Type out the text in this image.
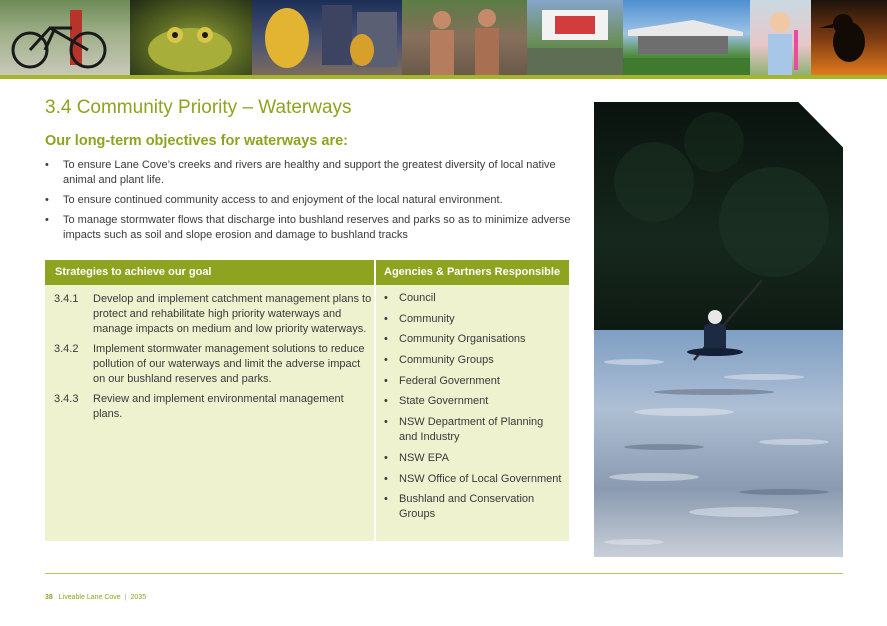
3.4 Community Priority – Waterways
Our long-term objectives for waterways are:
• To ensure Lane Cove’s creeks and rivers are healthy and support the greatest diversity of local native animal and plant life.
• To ensure continued community access to and enjoyment of the local natural environment.
• To manage stormwater flows that discharge into bushland reserves and parks so as to minimize adverse impacts such as soil and slope erosion and damage to bushland tracks
Strategies to achieve our goal	Agencies & Partners Responsible
3.4.1	Develop and implement catchment management plans to protect and rehabilitate high priority waterways and manage impacts on medium and low priority waterways.
3.4.2	Implement stormwater management solutions to reduce pollution of our waterways and limit the adverse impact on our bushland reserves and parks.
3.4.3	Review and implement environmental management plans.
• Council
• Community
• Community Organisations
• Community Groups
• Federal Government
• State Government
• NSW Department of Planning and Industry
• NSW EPA
• NSW Office of Local Government
• Bushland and Conservation Groups
38 Liveable Lane Cove | 2035
